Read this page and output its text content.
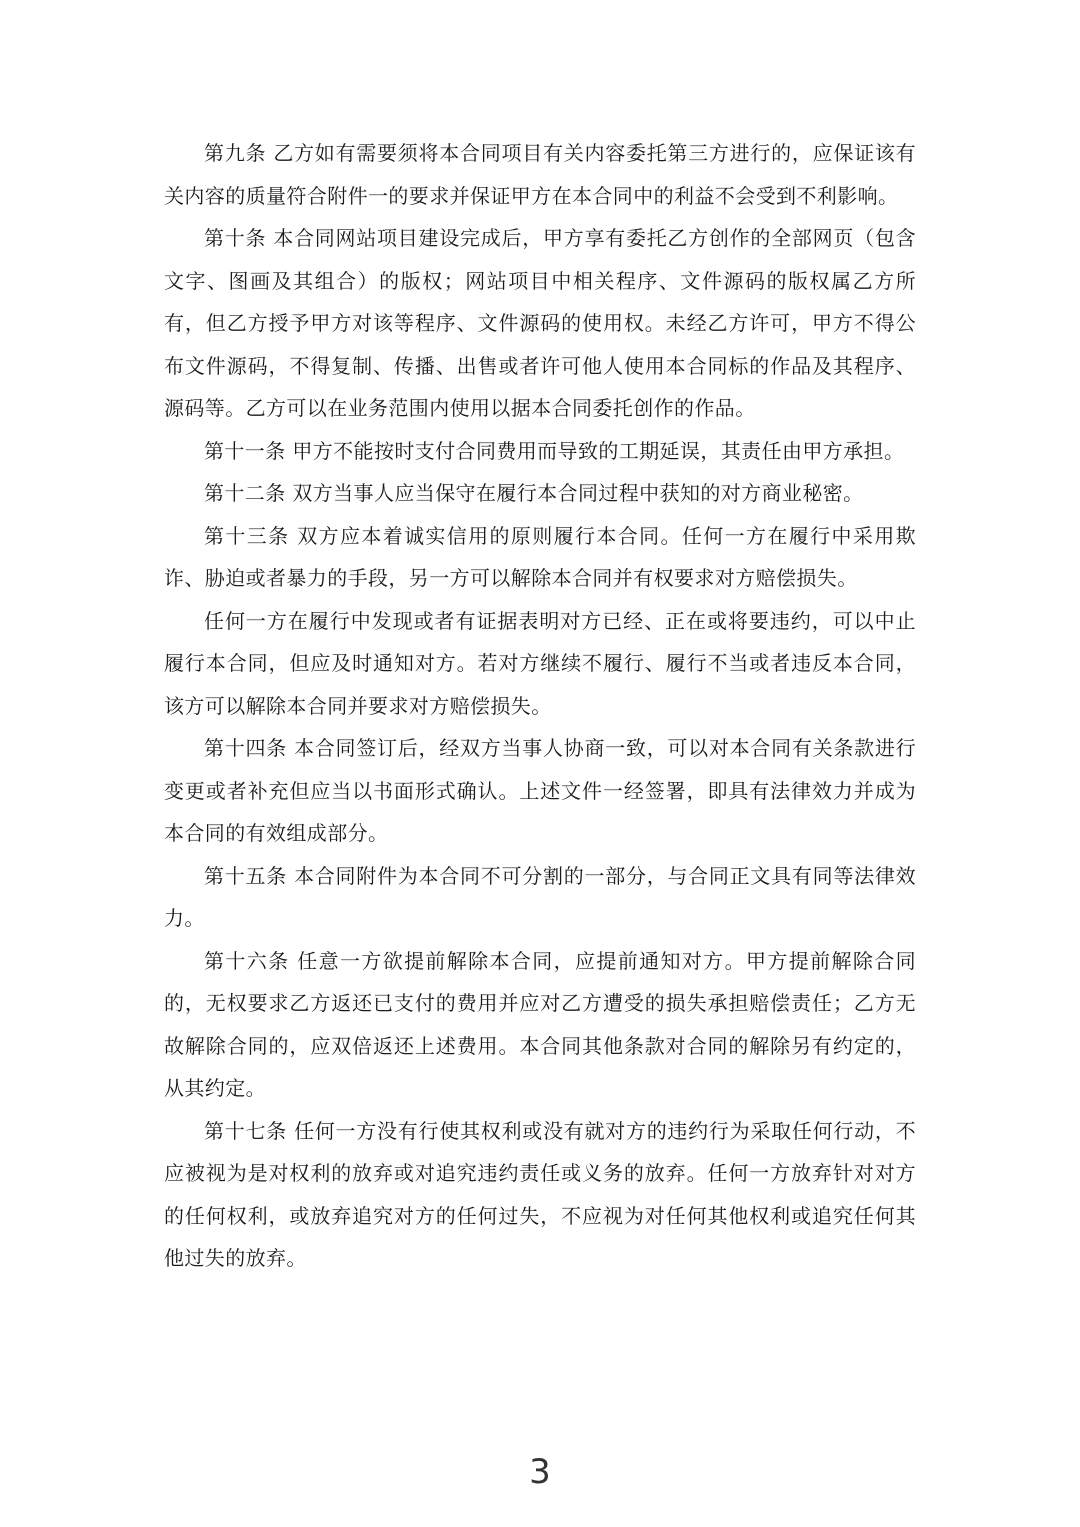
第九条 乙方如有需要须将本合同项目有关内容委托第三方进行的，应保证该有关内容的质量符合附件一的要求并保证甲方在本合同中的利益不会受到不利影响。

第十条 本合同网站项目建设完成后，甲方享有委托乙方创作的全部网页（包含文字、图画及其组合）的版权；网站项目中相关程序、文件源码的版权属乙方所有，但乙方授予甲方对该等程序、文件源码的使用权。未经乙方许可，甲方不得公布文件源码，不得复制、传播、出售或者许可他人使用本合同标的作品及其程序、源码等。乙方可以在业务范围内使用以据本合同委托创作的作品。

第十一条 甲方不能按时支付合同费用而导致的工期延误，其责任由甲方承担。

第十二条 双方当事人应当保守在履行本合同过程中获知的对方商业秘密。

第十三条 双方应本着诚实信用的原则履行本合同。任何一方在履行中采用欺诈、胁迫或者暴力的手段，另一方可以解除本合同并有权要求对方赔偿损失。

任何一方在履行中发现或者有证据表明对方已经、正在或将要违约，可以中止履行本合同，但应及时通知对方。若对方继续不履行、履行不当或者违反本合同，该方可以解除本合同并要求对方赔偿损失。

第十四条 本合同签订后，经双方当事人协商一致，可以对本合同有关条款进行变更或者补充但应当以书面形式确认。上述文件一经签署，即具有法律效力并成为本合同的有效组成部分。

第十五条 本合同附件为本合同不可分割的一部分，与合同正文具有同等法律效力。

第十六条 任意一方欲提前解除本合同，应提前通知对方。甲方提前解除合同的，无权要求乙方返还已支付的费用并应对乙方遭受的损失承担赔偿责任；乙方无故解除合同的，应双倍返还上述费用。本合同其他条款对合同的解除另有约定的，从其约定。

第十七条 任何一方没有行使其权利或没有就对方的违约行为采取任何行动，不应被视为是对权利的放弃或对追究违约责任或义务的放弃。任何一方放弃针对对方的任何权利，或放弃追究对方的任何过失，不应视为对任何其他权利或追究任何其他过失的放弃。

3
